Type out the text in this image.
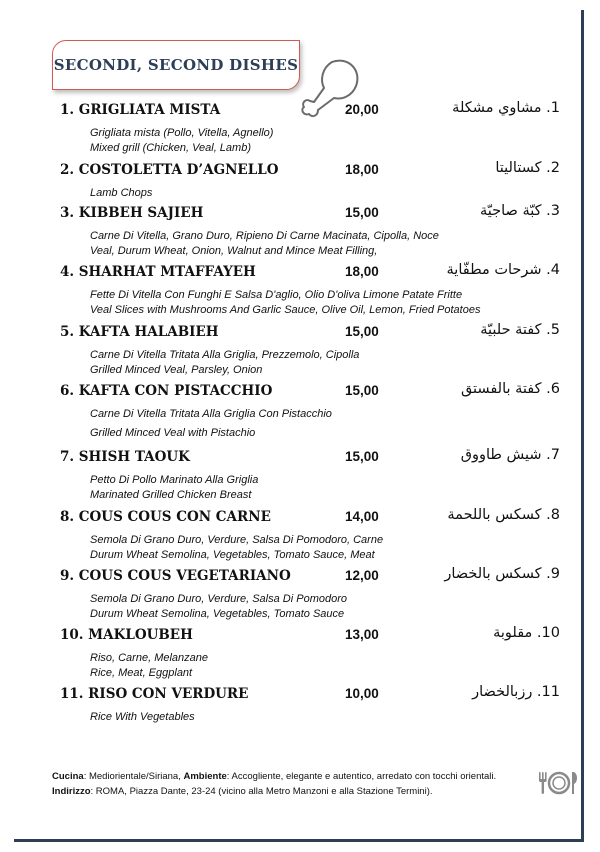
SECONDI, SECOND DISHES
1. GRIGLIATA MISTA	20,00	1. مشاوي مشكلة
Grigliata mista (Pollo, Vitella, Agnello)
Mixed grill (Chicken, Veal, Lamb)
2. COSTOLETTA D’AGNELLO	18,00	2. كستاليتا
Lamb Chops
3. KIBBEH SAJIEH	15,00	3. كبّة صاجيّة
Carne Di Vitella, Grano Duro, Ripieno Di Carne Macinata, Cipolla, Noce
Veal, Durum Wheat, Onion, Walnut and Mince Meat Filling,
4. SHARHAT MTAFFAYEH	18,00	4. شرحات مطفّاية
Fette Di Vitella Con Funghi E Salsa D'aglio, Olio D'oliva Limone Patate Fritte
Veal Slices with Mushrooms And Garlic Sauce, Olive Oil, Lemon, Fried Potatoes
5. KAFTA HALABIEH	15,00	5. كفتة حلبيّة
Carne Di Vitella Tritata Alla Griglia, Prezzemolo, Cipolla
Grilled Minced Veal, Parsley, Onion
6. KAFTA CON PISTACCHIO	15,00	6. كفتة بالفستق
Carne Di Vitella Tritata Alla Griglia Con Pistacchio
Grilled Minced Veal with Pistachio
7. SHISH TAOUK	15,00	7. شيش طاووق
Petto Di Pollo Marinato Alla Griglia
Marinated Grilled Chicken Breast
8. COUS COUS CON CARNE	14,00	8. كسكس باللحمة
Semola Di Grano Duro, Verdure, Salsa Di Pomodoro, Carne
Durum Wheat Semolina, Vegetables, Tomato Sauce, Meat
9. COUS COUS VEGETARIANO	12,00	9. كسكس بالخضار
Semola Di Grano Duro, Verdure, Salsa Di Pomodoro
Durum Wheat Semolina, Vegetables, Tomato Sauce
10. MAKLOUBEH	13,00	10. مقلوبة
Riso, Carne, Melanzane
Rice, Meat, Eggplant
11. RISO CON VERDURE	10,00	11. رزبالخضار
Rice With Vegetables
Cucina: Mediorientale/Siriana, Ambiente: Accogliente, elegante e autentico, arredato con tocchi orientali. Indirizzo: ROMA, Piazza Dante, 23-24 (vicino alla Metro Manzoni e alla Stazione Termini).
